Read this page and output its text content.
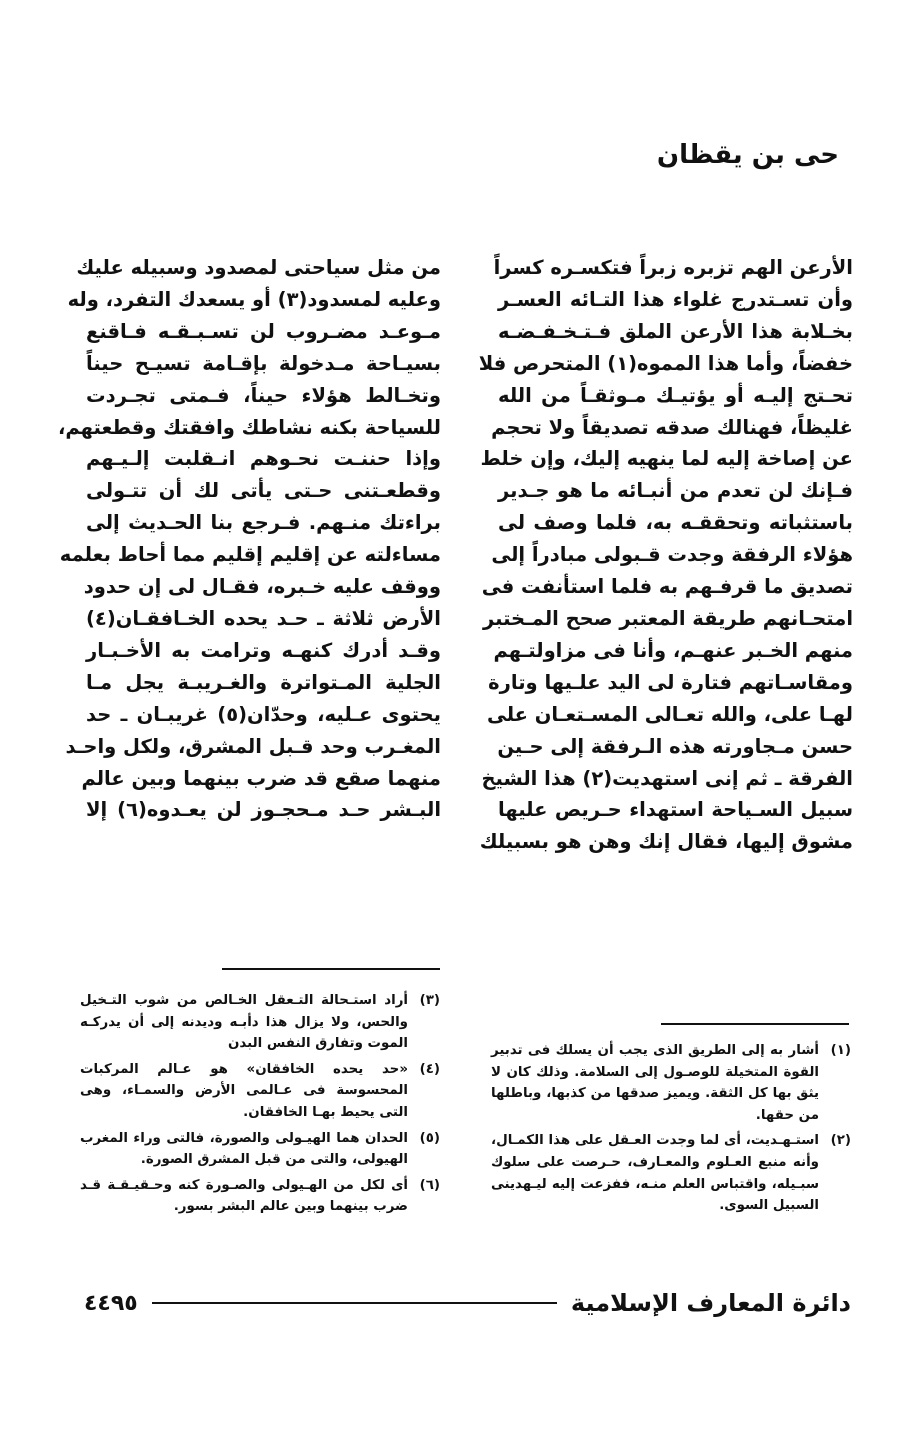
حى بن يقظان
الأرعن الهم تزبره زبراً فتكسـره كسراً
وأن تسـتدرج غلواء هذا التـائه العسـر
بخـلابة هذا الأرعن الملق فـتـخـفـضـه
خفضاً، وأما هذا المموه(١) المتحرص فلا
تحـتج إليـه أو يؤتيـك مـوثقـاً من الله
غليظاً، فهنالك صدقه تصديقاً ولا تحجم
عن إصاخة إليه لما ينهيه إليك، وإن خلط
فـإنك لن تعدم من أنبـائه ما هو جـدير
باستثباته وتحققـه به، فلما وصف لى
هؤلاء الرفقة وجدت قـبولى مبادراً إلى
تصديق ما قرفـهم به فلما استأنفت فى
امتحـانهم طريقة المعتبر صحح المـختبر
منهم الخـبر عنهـم، وأنا فى مزاولتـهم
ومقاسـاتهم فتارة لى اليد علـيها وتارة
لهـا على، والله تعـالى المسـتعـان على
حسن مـجاورته هذه الـرفقة إلى حـين
الفرقة ـ ثم إنى استهديت(٢) هذا الشيخ
سبيل السـياحة استهداء حـريص عليها
مشوق إليها، فقال إنك وهن هو بسبيلك
من مثل سياحتى لمصدود وسبيله عليك
وعليه لمسدود(٣) أو يسعدك التفرد، وله
مـوعـد مضـروب لن تسـبـقـه فـاقنع
بسيـاحة مـدخولة بإقـامة تسيـح حيناً
وتخـالط هؤلاء حيناً، فـمتى تجـردت
للسياحة بكنه نشاطك وافقتك وقطعتهم،
وإذا حننـت نحـوهم انـقلبت إلـيـهم
وقطعـتنى حـتى يأتى لك أن تتـولى
براءتك منـهم. فـرجع بنا الحـديث إلى
مساءلته عن إقليم إقليم مما أحاط بعلمه
ووقف عليه خـبره، فقـال لى إن حدود
الأرض ثلاثة ـ حـد يحده الخـافقـان(٤)
وقـد أدرك كنهـه وترامت به الأخـبـار
الجلية المـتواترة والغـريبـة يجل مـا
يحتوى عـليه، وحدّان(٥) غريبـان ـ حد
المغـرب وحد قـبل المشرق، ولكل واحـد
منهما صقع قد ضرب بينهما وبين عالم
البـشر حـد مـحجـوز لن يعـدوه(٦) إلا
(١)
أشار به إلى الطريق الذى يجب أن يسلك فى تدبير القوة المتخيلة للوصـول إلى السلامة. وذلك كان لا يثق بها كل الثقة. ويميز صدقها من كذبها، وباطلها من حقها.
(٢)
استـهـديت، أى لما وجدت العـقل على هذا الكمـال، وأنه منبع العـلوم والمعـارف، حـرصت على سلوك سبـيله، واقتباس العلم منـه، ففزعت إليه ليـهدينى السبيل السوى.
(٣)
أراد استـحالة التـعقل الخـالص من شوب التـخيل والحس، ولا يزال هذا دأبـه وديدنه إلى أن يدركـه الموت وتفارق النفس البدن
(٤)
«حد يحده الخافقان» هو عـالم المركبات المحسوسة فى عـالمى الأرض والسمـاء، وهى التى يحيط بهـا الخافقان.
(٥)
الحدان هما الهيـولى والصورة، فالتى وراء المغرب الهيولى، والتى من قبل المشرق الصورة.
(٦)
أى لكل من الهـيولى والصـورة كنه وحـقيـقـة قـد ضرب بينهما وبين عالم البشر بسور.
دائرة المعارف الإسلامية
٤٤٩٥
